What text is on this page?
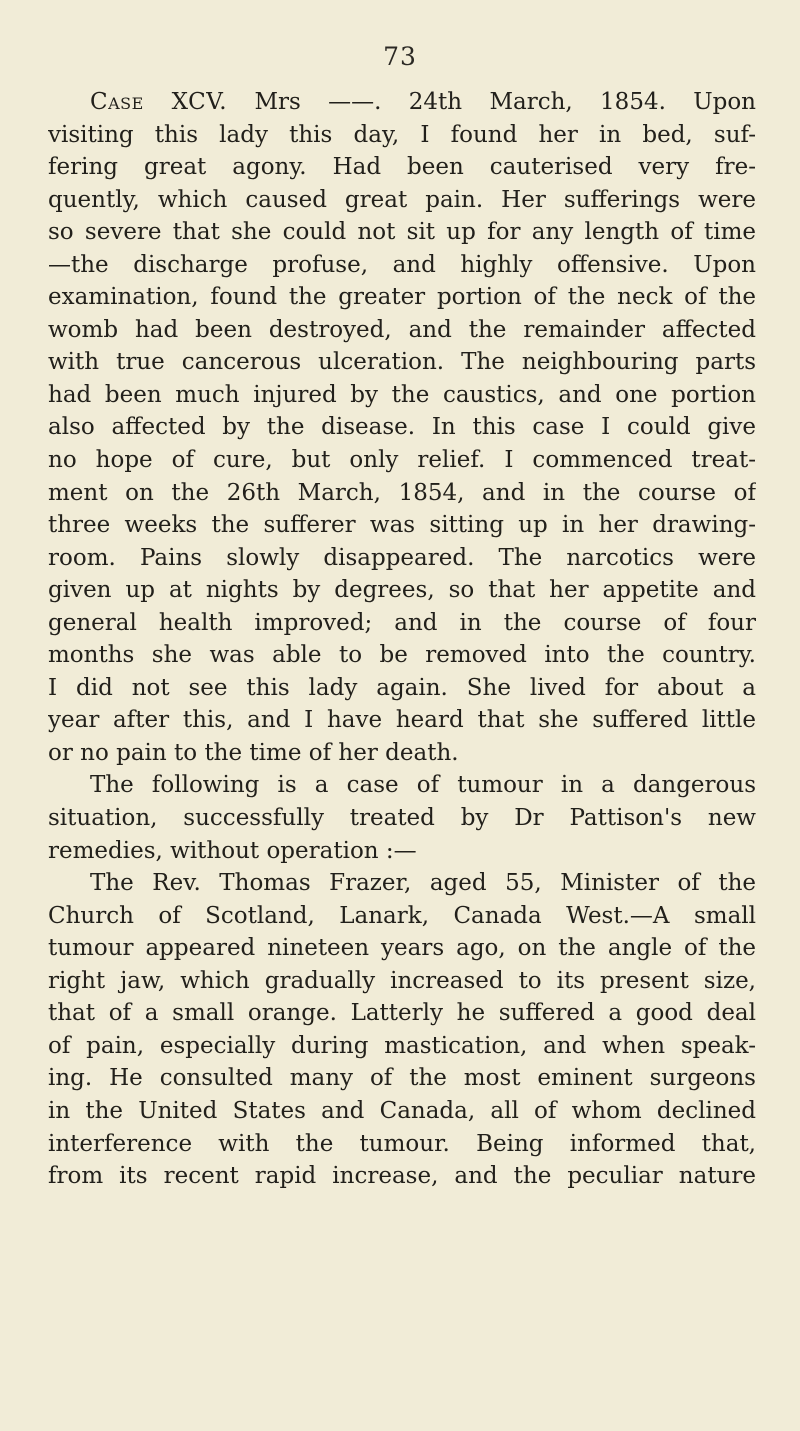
73
Case XCV. Mrs ——. 24th March, 1854. Upon
visiting this lady this day, I found her in bed, suf-
fering great agony. Had been cauterised very fre-
quently, which caused great pain. Her sufferings were
so severe that she could not sit up for any length of time
—the discharge profuse, and highly offensive. Upon
examination, found the greater portion of the neck of the
womb had been destroyed, and the remainder affected
with true cancerous ulceration. The neighbouring parts
had been much injured by the caustics, and one portion
also affected by the disease. In this case I could give
no hope of cure, but only relief. I commenced treat-
ment on the 26th March, 1854, and in the course of
three weeks the sufferer was sitting up in her drawing-
room. Pains slowly disappeared. The narcotics were
given up at nights by degrees, so that her appetite and
general health improved; and in the course of four
months she was able to be removed into the country.
I did not see this lady again. She lived for about a
year after this, and I have heard that she suffered little
or no pain to the time of her death.
The following is a case of tumour in a dangerous
situation, successfully treated by Dr Pattison's new
remedies, without operation :—
The Rev. Thomas Frazer, aged 55, Minister of the
Church of Scotland, Lanark, Canada West.—A small
tumour appeared nineteen years ago, on the angle of the
right jaw, which gradually increased to its present size,
that of a small orange. Latterly he suffered a good deal
of pain, especially during mastication, and when speak-
ing. He consulted many of the most eminent surgeons
in the United States and Canada, all of whom declined
interference with the tumour. Being informed that,
from its recent rapid increase, and the peculiar nature
